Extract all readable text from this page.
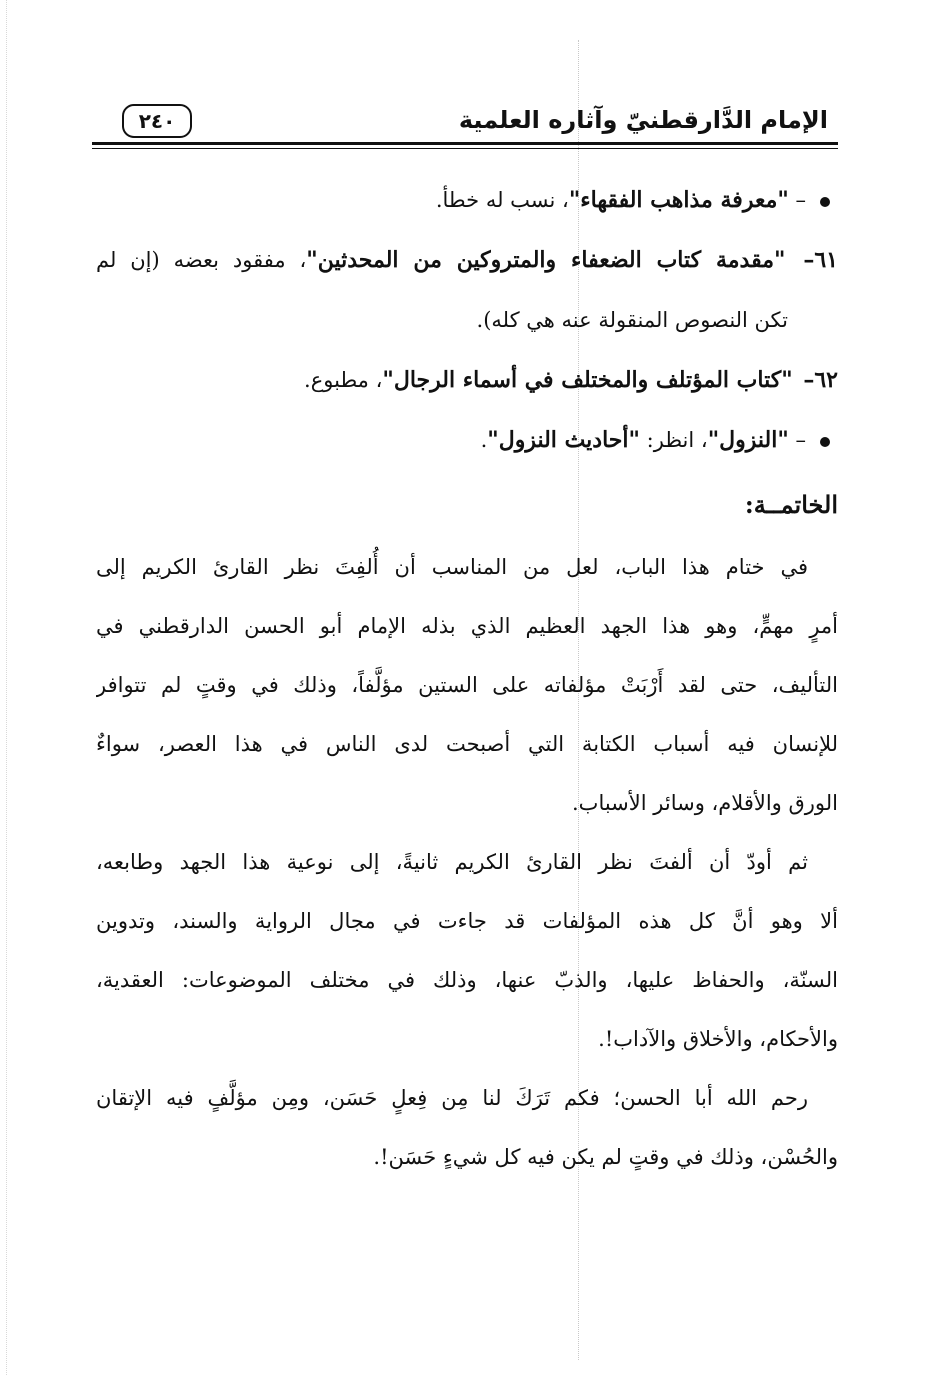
الإمام الدَّارقطنيّ وآثاره العلمية
٢٤٠
– "معرفة مذاهب الفقهاء"، نسب له خطأ.
٦١– "مقدمة كتاب الضعفاء والمتروكين من المحدثين"، مفقود بعضه (إن لم
تكن النصوص المنقولة عنه هي كله).
٦٢– "كتاب المؤتلف والمختلف في أسماء الرجال"، مطبوع.
– "النزول"، انظر: "أحاديث النزول".
الخاتمــة:
في ختام هذا الباب، لعل من المناسب أن أُلفِتَ نظر القارئ الكريم إلى
أمرٍ مهمٍّ، وهو هذا الجهد العظيم الذي بذله الإمام أبو الحسن الدارقطني في
التأليف، حتى لقد أَرْبَتْ مؤلفاته على الستين مؤلَّفاً، وذلك في وقتٍ لم تتوافر
للإنسان فيه أسباب الكتابة التي أصبحت لدى الناس في هذا العصر، سواءٌ
الورق والأقلام، وسائر الأسباب.
ثم أودّ أن ألفتَ نظر القارئ الكريم ثانيةً، إلى نوعية هذا الجهد وطابعه،
ألا وهو أنَّ كل هذه المؤلفات قد جاءت في مجال الرواية والسند، وتدوين
السنّة، والحفاظ عليها، والذبّ عنها، وذلك في مختلف الموضوعات: العقدية،
والأحكام، والأخلاق والآداب!.
رحم الله أبا الحسن؛ فكم تَرَكَ لنا مِن فِعلٍ حَسَن، ومِن مؤلَّفٍ فيه الإتقان
والحُسْن، وذلك في وقتٍ لم يكن فيه كل شيءٍ حَسَن!.
